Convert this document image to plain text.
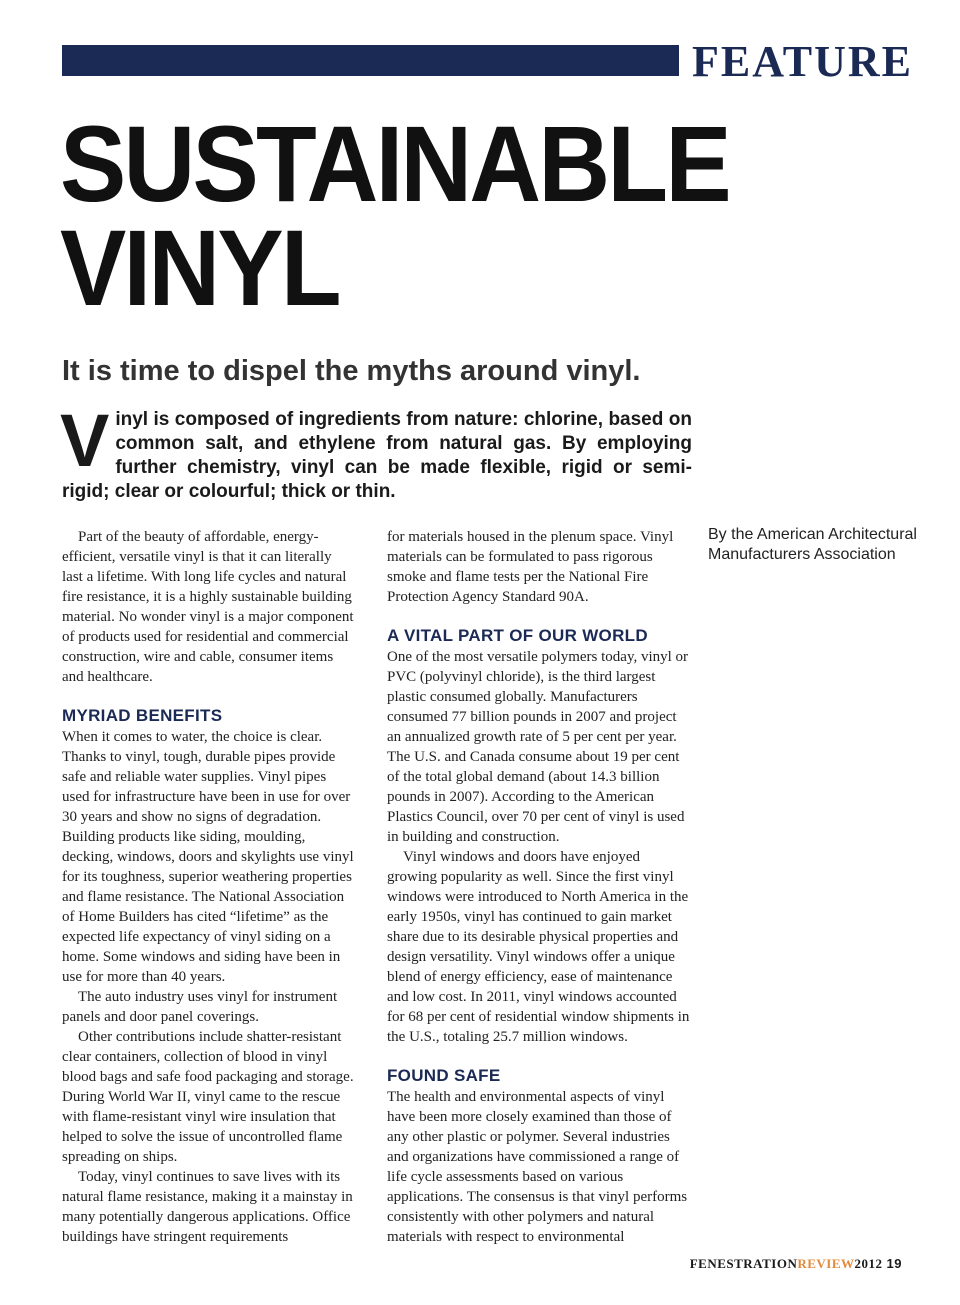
FEATURE
SUSTAINABLE
VINYL
It is time to dispel the myths around vinyl.

V inyl is composed of ingredients from nature: chlorine, based on common salt, and ethylene from natural gas. By employing further chemistry, vinyl can be made flexible, rigid or semi-rigid; clear or colourful; thick or thin.

Part of the beauty of affordable, energy-efficient, versatile vinyl is that it can literally last a lifetime. With long life cycles and natural fire resistance, it is a highly sustainable building material. No wonder vinyl is a major component of products used for residential and commercial construction, wire and cable, consumer items and healthcare.

MYRIAD BENEFITS

When it comes to water, the choice is clear. Thanks to vinyl, tough, durable pipes provide safe and reliable water supplies. Vinyl pipes used for infrastructure have been in use for over 30 years and show no signs of degradation. Building products like siding, moulding, decking, windows, doors and skylights use vinyl for its toughness, superior weathering properties and flame resistance. The National Association of Home Builders has cited “lifetime” as the expected life expectancy of vinyl siding on a home. Some windows and siding have been in use for more than 40 years.

The auto industry uses vinyl for instrument panels and door panel coverings.

Other contributions include shatter-resistant clear containers, collection of blood in vinyl blood bags and safe food packaging and storage. During World War II, vinyl came to the rescue with flame-resistant vinyl wire insulation that helped to solve the issue of uncontrolled flame spreading on ships.

Today, vinyl continues to save lives with its natural flame resistance, making it a mainstay in many potentially dangerous applications. Office buildings have stringent requirements

for materials housed in the plenum space. Vinyl materials can be formulated to pass rigorous smoke and flame tests per the National Fire Protection Agency Standard 90A.

A VITAL PART OF OUR WORLD

One of the most versatile polymers today, vinyl or PVC (polyvinyl chloride), is the third largest plastic consumed globally. Manufacturers consumed 77 billion pounds in 2007 and project an annualized growth rate of 5 per cent per year. The U.S. and Canada consume about 19 per cent of the total global demand (about 14.3 billion pounds in 2007). According to the American Plastics Council, over 70 per cent of vinyl is used in building and construction.

Vinyl windows and doors have enjoyed growing popularity as well. Since the first vinyl windows were introduced to North America in the early 1950s, vinyl has continued to gain market share due to its desirable physical properties and design versatility. Vinyl windows offer a unique blend of energy efficiency, ease of maintenance and low cost. In 2011, vinyl windows accounted for 68 per cent of residential window shipments in the U.S., totaling 25.7 million windows.

FOUND SAFE

The health and environmental aspects of vinyl have been more closely examined than those of any other plastic or polymer. Several industries and organizations have commissioned a range of life cycle assessments based on various applications. The consensus is that vinyl performs consistently with other polymers and natural materials with respect to environmental

By the American Architectural Manufacturers Association
FENESTRATIONREVIEW2012 19
